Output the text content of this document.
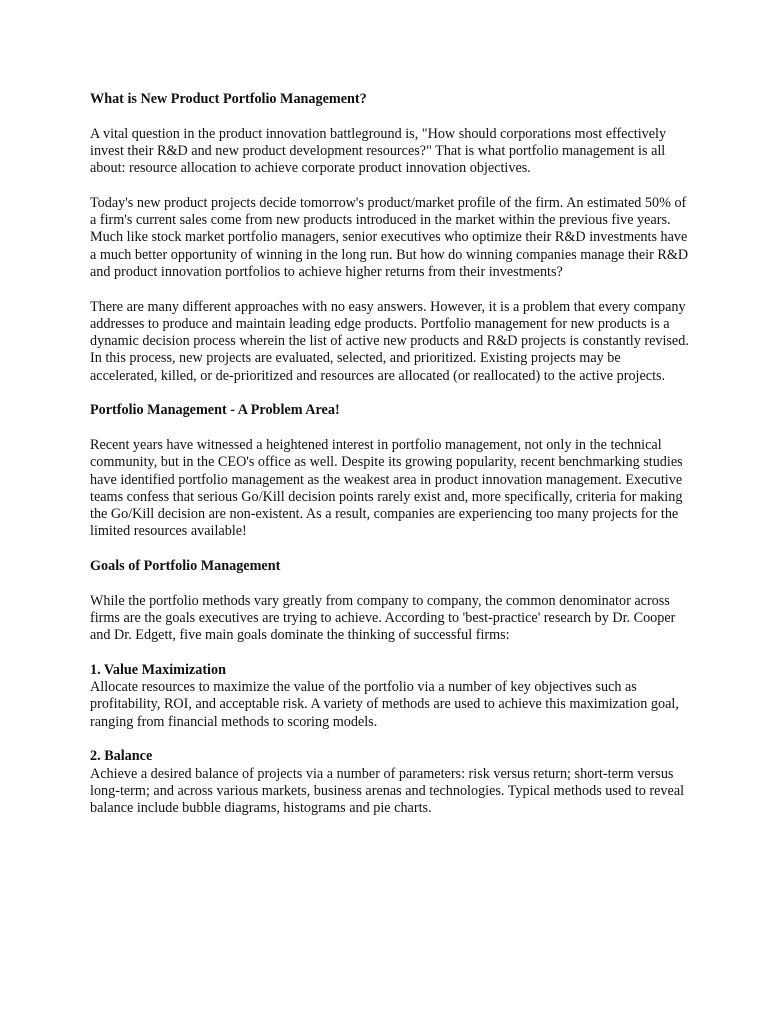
What is New Product Portfolio Management?

A vital question in the product innovation battleground is, "How should corporations most effectively invest their R&D and new product development resources?" That is what portfolio management is all about: resource allocation to achieve corporate product innovation objectives.

Today's new product projects decide tomorrow's product/market profile of the firm. An estimated 50% of a firm's current sales come from new products introduced in the market within the previous five years. Much like stock market portfolio managers, senior executives who optimize their R&D investments have a much better opportunity of winning in the long run. But how do winning companies manage their R&D and product innovation portfolios to achieve higher returns from their investments?

There are many different approaches with no easy answers. However, it is a problem that every company addresses to produce and maintain leading edge products. Portfolio management for new products is a dynamic decision process wherein the list of active new products and R&D projects is constantly revised. In this process, new projects are evaluated, selected, and prioritized. Existing projects may be accelerated, killed, or de-prioritized and resources are allocated (or reallocated) to the active projects.

Portfolio Management - A Problem Area!

Recent years have witnessed a heightened interest in portfolio management, not only in the technical community, but in the CEO's office as well. Despite its growing popularity, recent benchmarking studies have identified portfolio management as the weakest area in product innovation management. Executive teams confess that serious Go/Kill decision points rarely exist and, more specifically, criteria for making the Go/Kill decision are non-existent. As a result, companies are experiencing too many projects for the limited resources available!

Goals of Portfolio Management

While the portfolio methods vary greatly from company to company, the common denominator across firms are the goals executives are trying to achieve. According to 'best-practice' research by Dr. Cooper and Dr. Edgett, five main goals dominate the thinking of successful firms:

1. Value Maximization

Allocate resources to maximize the value of the portfolio via a number of key objectives such as profitability, ROI, and acceptable risk. A variety of methods are used to achieve this maximization goal, ranging from financial methods to scoring models.

2. Balance

Achieve a desired balance of projects via a number of parameters: risk versus return; short-term versus long-term; and across various markets, business arenas and technologies. Typical methods used to reveal balance include bubble diagrams, histograms and pie charts.
